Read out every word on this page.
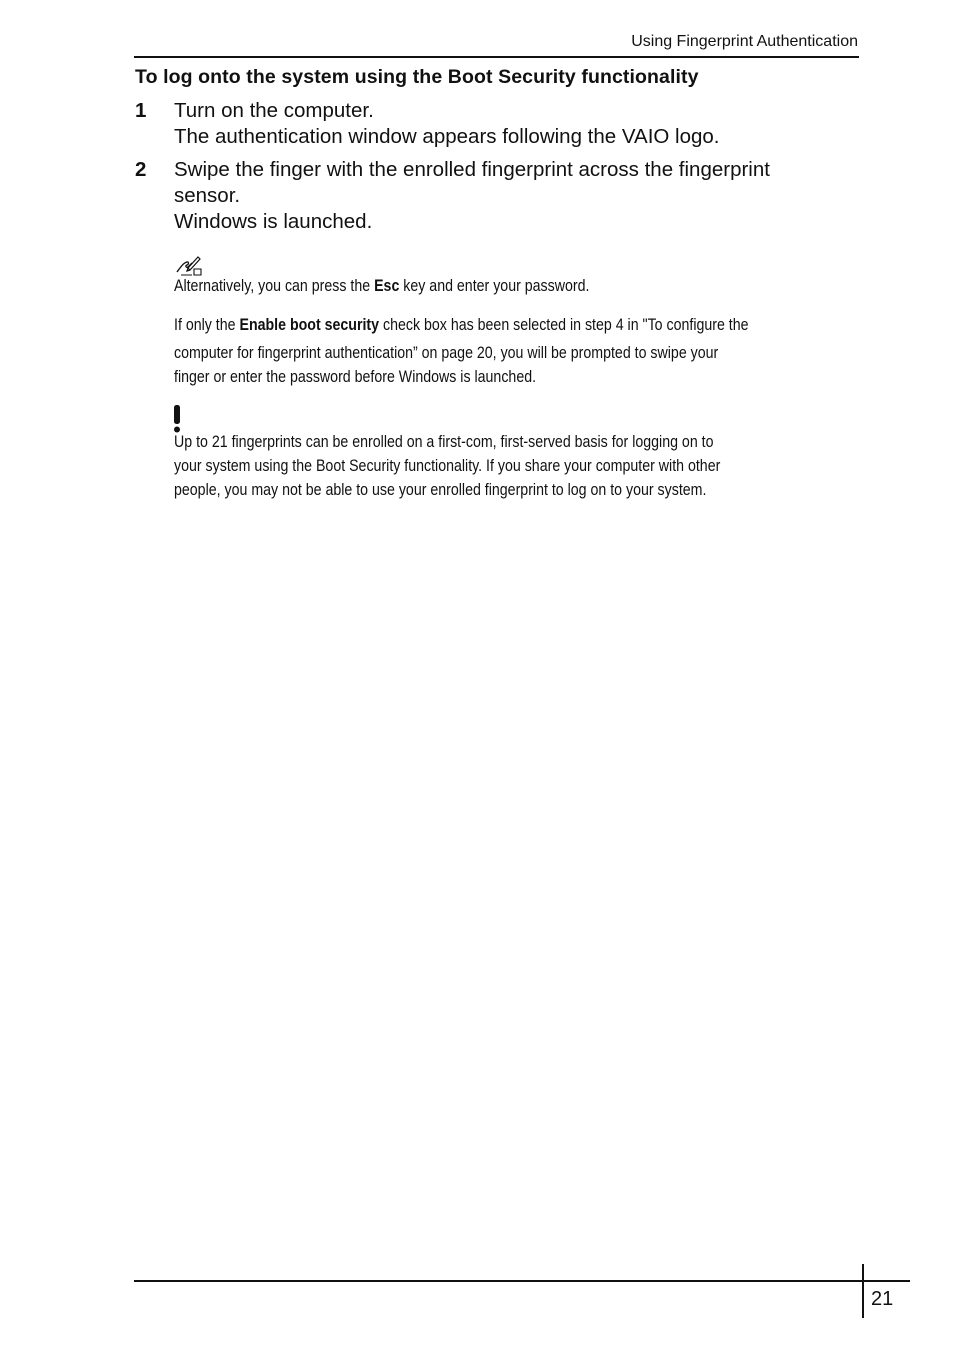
Using Fingerprint Authentication
To log onto the system using the Boot Security functionality
1 Turn on the computer.
The authentication window appears following the VAIO logo.
2 Swipe the finger with the enrolled fingerprint across the fingerprint
sensor.
Windows is launched.
Alternatively, you can press the Esc key and enter your password.
If only the Enable boot security check box has been selected in step 4 in "To configure the
computer for fingerprint authentication” on page 20, you will be prompted to swipe your
finger or enter the password before Windows is launched.
Up to 21 fingerprints can be enrolled on a first-com, first-served basis for logging on to
your system using the Boot Security functionality. If you share your computer with other
people, you may not be able to use your enrolled fingerprint to log on to your system.
21
